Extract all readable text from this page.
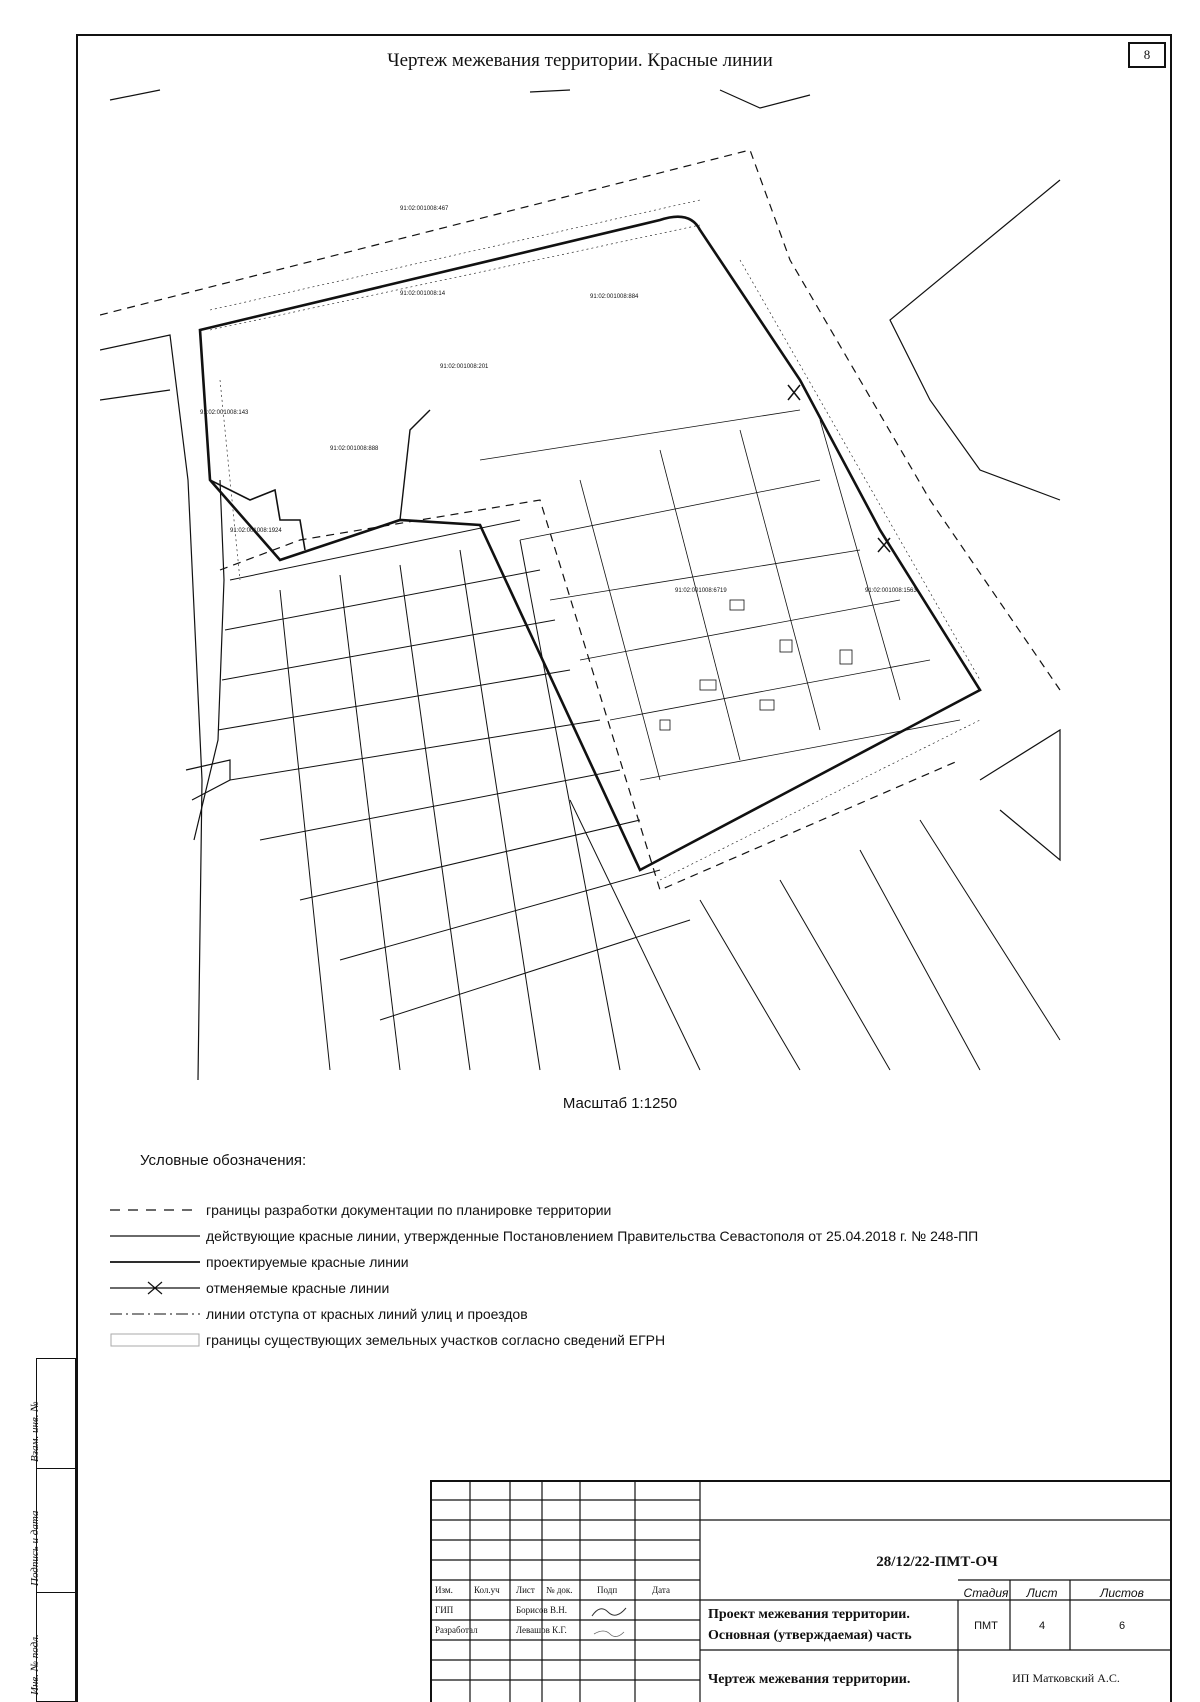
Чертеж межевания территории. Красные линии	8
91:02:001008:6719	91:02:001008:1563
91:02:001008:888
91:02:001008:14
91:02:001008:143
91:02:001008:1924
91:02:001008:201
91:02:001008:467
91:02:001008:884
Масштаб 1:1250
Условные обозначения:
границы разработки документации по планировке территории
действующие красные линии, утвержденные Постановлением Правительства Севастополя от 25.04.2018 г. № 248-ПП
проектируемые красные линии
отменяемые красные линии
линии отступа от красных линий улиц и проездов
границы существующих земельных участков согласно сведений ЕГРН
Взам. инв. №
Подпись и дата
Инв. № подл.
Изм. Кол.уч Лист № док.	Подп	Дата
ГИП	Борисов В.Н.
Разработал	Левашов К.Г.
28/12/22-ПМТ-ОЧ
Проект межевания территории.
Основная (утверждаемая) часть
Чертеж межевания территории.
Стадия	Лист	Листов
ПМТ	4	6
ИП Матковский А.С.
